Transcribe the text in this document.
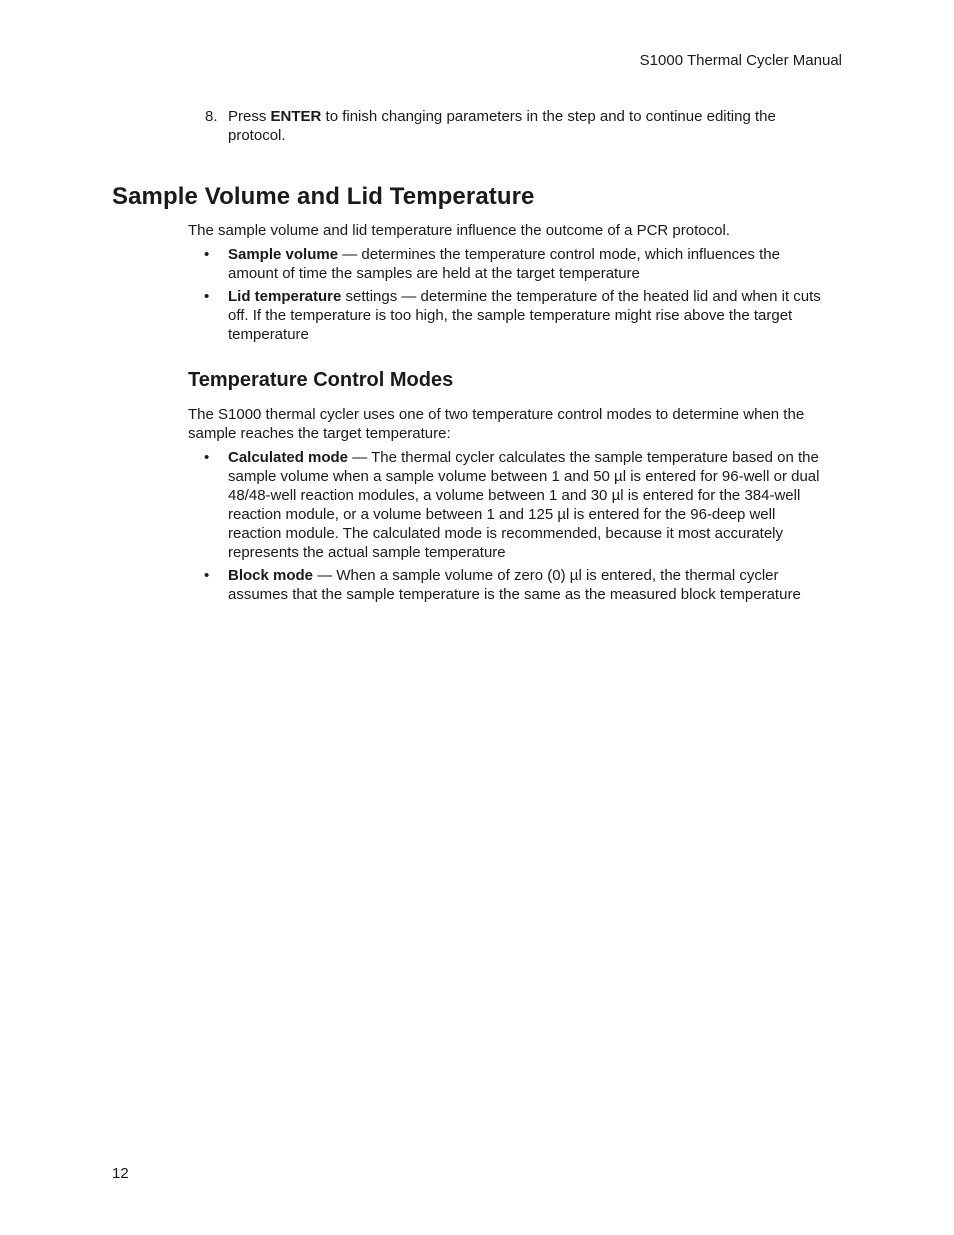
S1000 Thermal Cycler Manual
8. Press ENTER to finish changing parameters in the step and to continue editing the protocol.
Sample Volume and Lid Temperature

The sample volume and lid temperature influence the outcome of a PCR protocol.

• Sample volume — determines the temperature control mode, which influences the amount of time the samples are held at the target temperature
• Lid temperature settings — determine the temperature of the heated lid and when it cuts off. If the temperature is too high, the sample temperature might rise above the target temperature
Temperature Control Modes

The S1000 thermal cycler uses one of two temperature control modes to determine when the sample reaches the target temperature:

• Calculated mode — The thermal cycler calculates the sample temperature based on the sample volume when a sample volume between 1 and 50 µl is entered for 96-well or dual 48/48-well reaction modules, a volume between 1 and 30 µl is entered for the 384-well reaction module, or a volume between 1 and 125 µl is entered for the 96-deep well reaction module. The calculated mode is recommended, because it most accurately represents the actual sample temperature
• Block mode — When a sample volume of zero (0) µl is entered, the thermal cycler assumes that the sample temperature is the same as the measured block temperature
12
